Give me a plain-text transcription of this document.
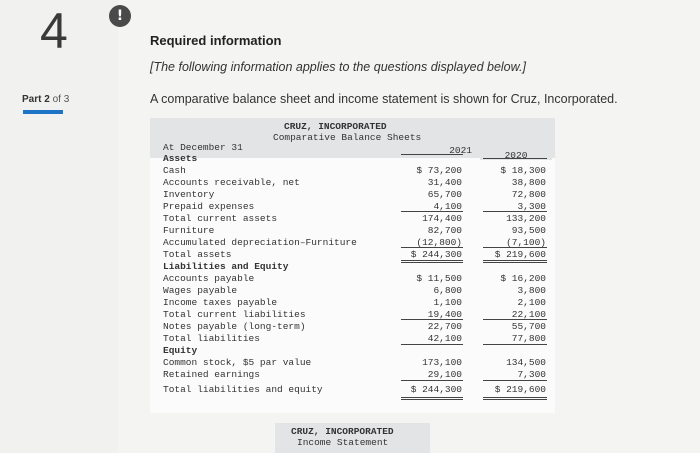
4	!
Part 2 of 3
Required information
[The following information applies to the questions displayed below.]
A comparative balance sheet and income statement is shown for Cruz, Incorporated.
CRUZ, INCORPORATED
Comparative Balance Sheets
At December 31	2021	2020
Assets
Cash	$ 73,200	$ 18,300
Accounts receivable, net	31,400	38,800
Inventory	65,700	72,800
Prepaid expenses	4,100	3,300
Total current assets	174,400	133,200
Furniture	82,700	93,500
Accumulated depreciation–Furniture	(12,800)	(7,100)
Total assets	$ 244,300	$ 219,600
Liabilities and Equity
Accounts payable	$ 11,500	$ 16,200
Wages payable	6,800	3,800
Income taxes payable	1,100	2,100
Total current liabilities	19,400	22,100
Notes payable (long-term)	22,700	55,700
Total liabilities	42,100	77,800
Equity
Common stock, $5 par value	173,100	134,500
Retained earnings	29,100	7,300
Total liabilities and equity	$ 244,300	$ 219,600
CRUZ, INCORPORATED
Income Statement
